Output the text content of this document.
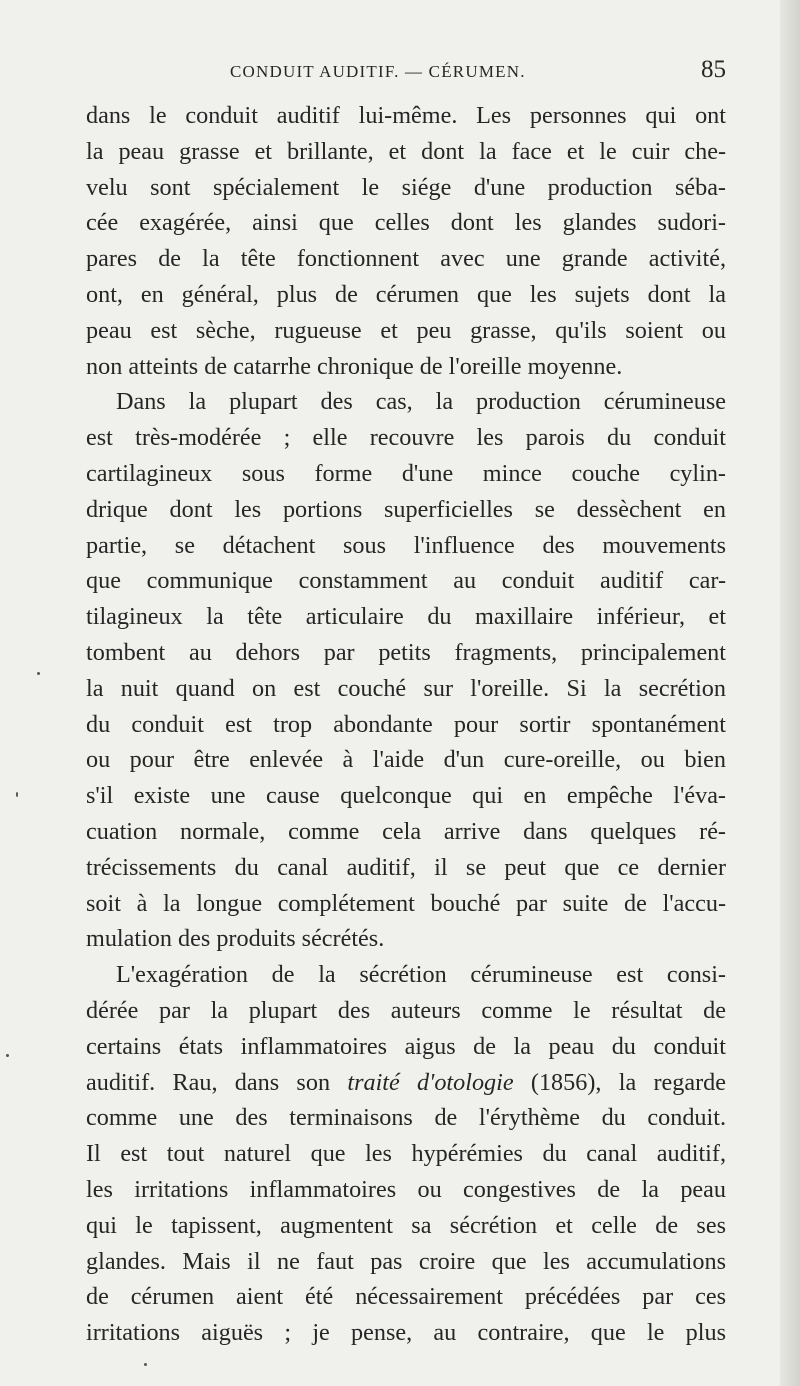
CONDUIT AUDITIF. — CÉRUMEN.	85
dans le conduit auditif lui-même. Les personnes qui ont
la peau grasse et brillante, et dont la face et le cuir che-
velu sont spécialement le siége d'une production séba-
cée exagérée, ainsi que celles dont les glandes sudori-
pares de la tête fonctionnent avec une grande activité,
ont, en général, plus de cérumen que les sujets dont la
peau est sèche, rugueuse et peu grasse, qu'ils soient ou
non atteints de catarrhe chronique de l'oreille moyenne.
Dans la plupart des cas, la production cérumineuse
est très-modérée ; elle recouvre les parois du conduit
cartilagineux sous forme d'une mince couche cylin-
drique dont les portions superficielles se dessèchent en
partie, se détachent sous l'influence des mouvements
que communique constamment au conduit auditif car-
tilagineux la tête articulaire du maxillaire inférieur, et
tombent au dehors par petits fragments, principalement
la nuit quand on est couché sur l'oreille. Si la secrétion
du conduit est trop abondante pour sortir spontanément
ou pour être enlevée à l'aide d'un cure-oreille, ou bien
s'il existe une cause quelconque qui en empêche l'éva-
cuation normale, comme cela arrive dans quelques ré-
trécissements du canal auditif, il se peut que ce dernier
soit à la longue complétement bouché par suite de l'accu-
mulation des produits sécrétés.
L'exagération de la sécrétion cérumineuse est consi-
dérée par la plupart des auteurs comme le résultat de
certains états inflammatoires aigus de la peau du conduit
auditif. Rau, dans son traité d'otologie (1856), la regarde
comme une des terminaisons de l'érythème du conduit.
Il est tout naturel que les hypérémies du canal auditif,
les irritations inflammatoires ou congestives de la peau
qui le tapissent, augmentent sa sécrétion et celle de ses
glandes. Mais il ne faut pas croire que les accumulations
de cérumen aient été nécessairement précédées par ces
irritations aiguës ; je pense, au contraire, que le plus
